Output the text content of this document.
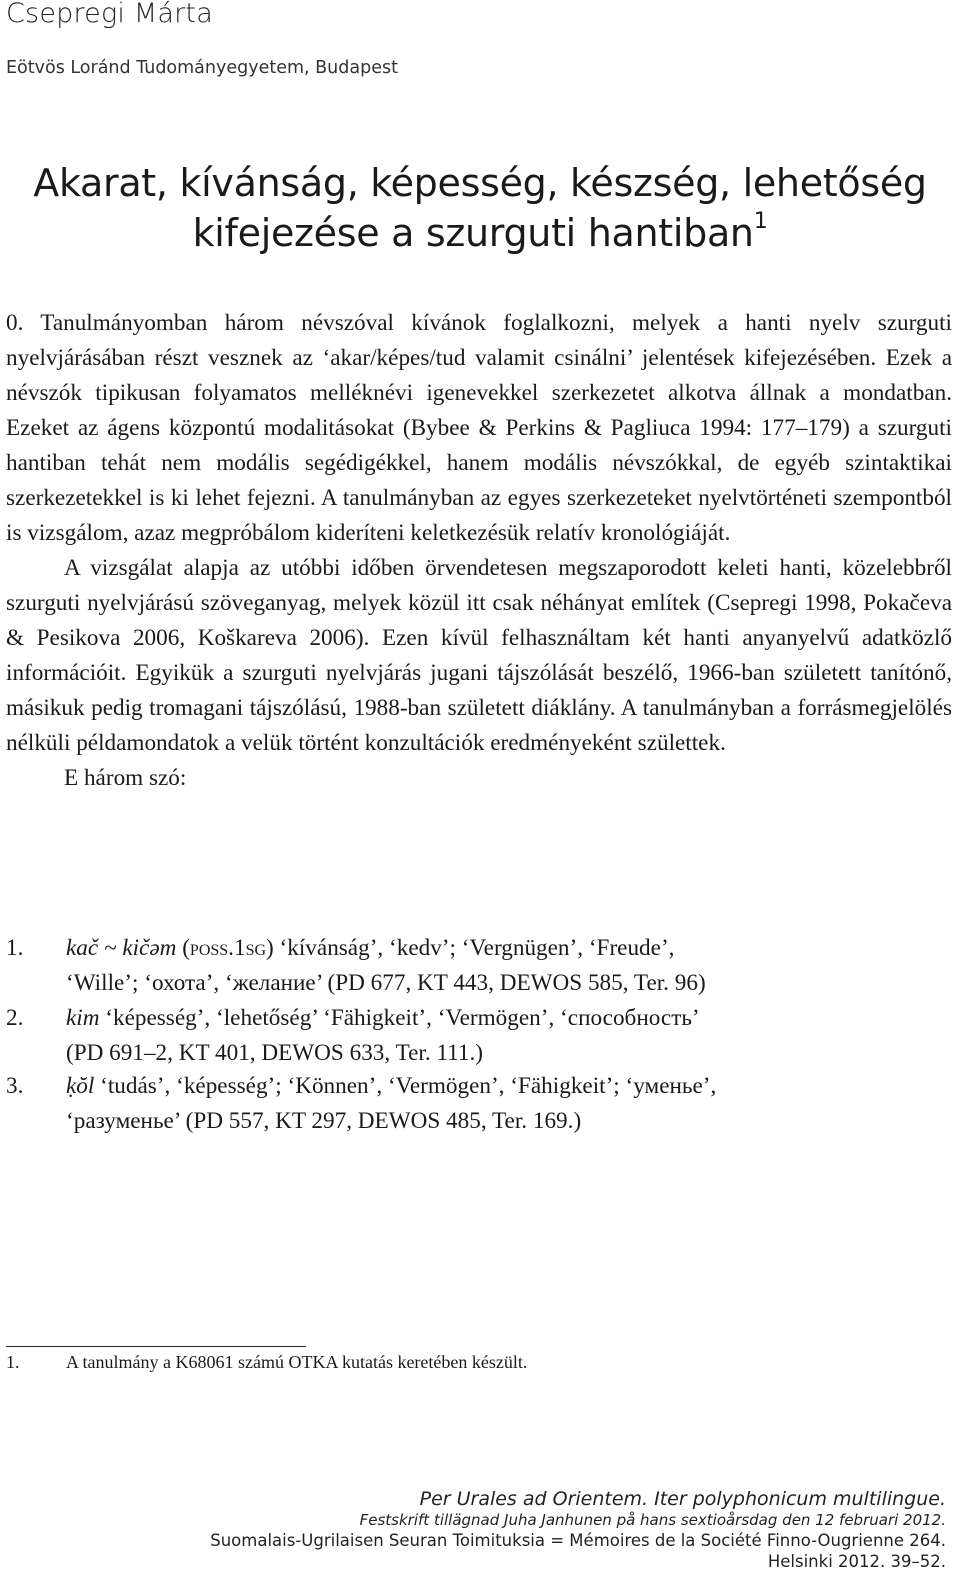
Csepregi Márta
Eötvös Loránd Tudományegyetem, Budapest
Akarat, kívánság, képesség, készség, lehetőség
kifejezése a szurguti hantiban$^1$

0. Tanulmányomban három névszóval kívánok foglalkozni, melyek a hanti nyelv szurguti nyelvjárásában részt vesznek az ‘akar/képes/tud valamit csinálni’ jelentések kifejezésében. Ezek a névszók tipikusan folyamatos melléknévi igenevekkel szerkezetet alkotva állnak a mondatban. Ezeket az ágens központú modalitásokat (Bybee & Perkins & Pagliuca 1994: 177–179) a szurguti hantiban tehát nem modális segédigékkel, hanem modális névszókkal, de egyéb szintaktikai szerkezetekkel is ki lehet fejezni. A tanulmányban az egyes szerkezeteket nyelvtörténeti szempontból is vizsgálom, azaz megpróbálom kideríteni keletkezésük relatív kronológiáját.

A vizsgálat alapja az utóbbi időben örvendetesen megszaporodott keleti hanti, közelebbről szurguti nyelvjárású szöveganyag, melyek közül itt csak néhányat említek (Csepregi 1998, Pokačeva & Pesikova 2006, Koškareva 2006). Ezen kívül felhasználtam két hanti anyanyelvű adatközlő információit. Egyikük a szurguti nyelvjárás jugani tájszólását beszélő, 1966-ban született tanítónő, másikuk pedig tromagani tájszólású, 1988-ban született diáklány. A tanulmányban a forrásmegjelölés nélküli példamondatok a velük történt konzultációk eredményeként születtek.

E három szó:

1. kač ~ kičəm (poss.1sg) ‘kívánság’, ‘kedv’; ‘Vergnügen’, ‘Freude’,
‘Wille’; ‘охота’, ‘желание’ (PD 677, KT 443, DEWOS 585, Ter. 96)
2. kim ‘képesség’, ‘lehetőség’ ‘Fähigkeit’, ‘Vermögen’, ‘способность’
(PD 691–2, KT 401, DEWOS 633, Ter. 111.)
3. ḳŏl ‘tudás’, ‘képesség’; ‘Können’, ‘Vermögen’, ‘Fähigkeit’; ‘уменье’,
‘разуменье’ (PD 557, KT 297, DEWOS 485, Ter. 169.)
1.	A tanulmány a K68061 számú OTKA kutatás keretében készült.
Per Urales ad Orientem. Iter polyphonicum multilingue.
Festskrift tillägnad Juha Janhunen på hans sextioårsdag den 12 februari 2012.
Suomalais-Ugrilaisen Seuran Toimituksia = Mémoires de la Société Finno-Ougrienne 264.
Helsinki 2012. 39–52.
